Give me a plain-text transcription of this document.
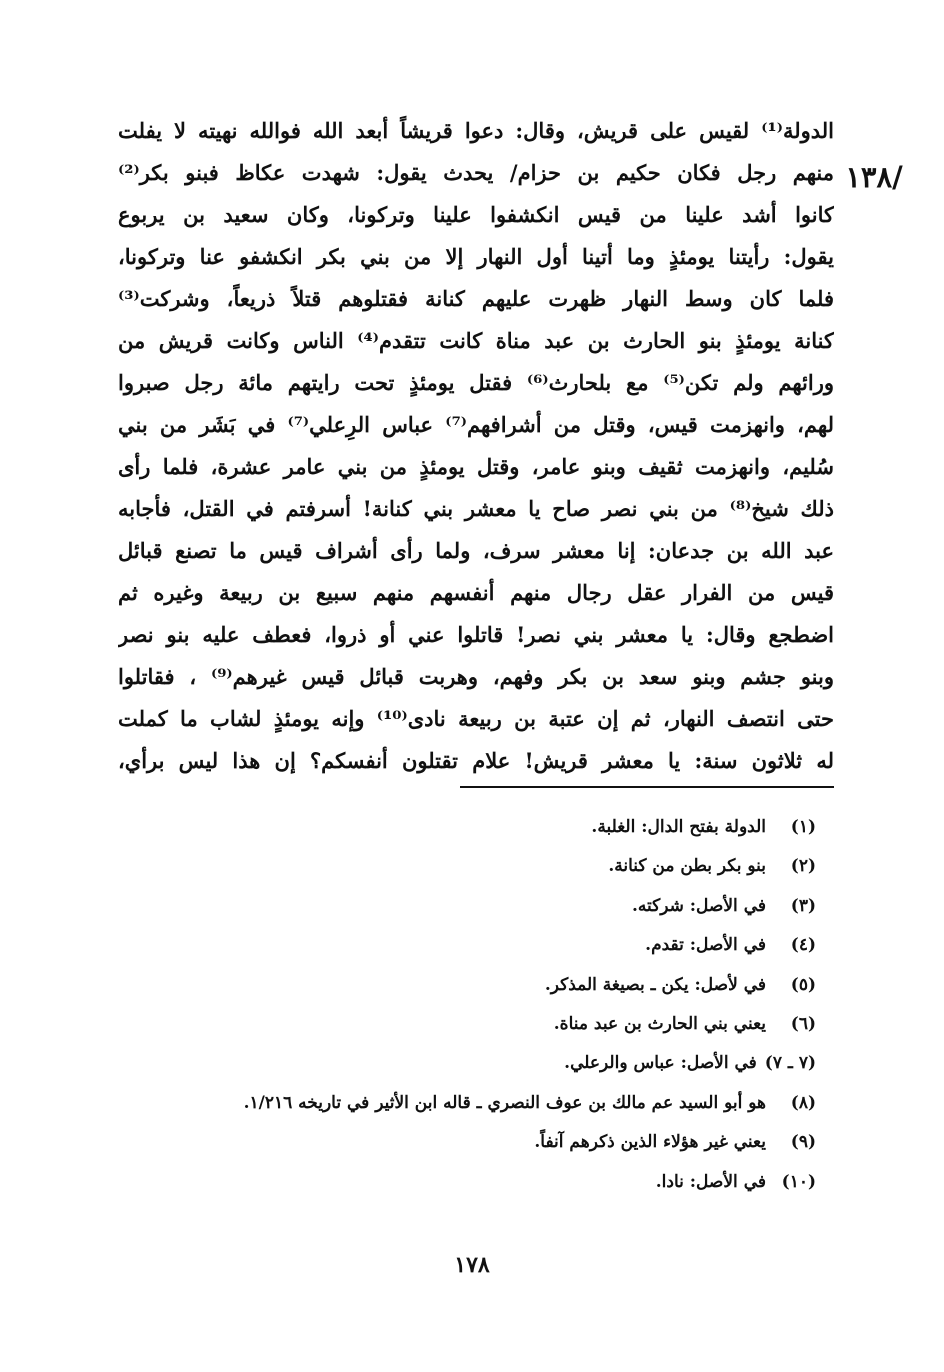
/١٣٨
الدولة⁽¹⁾ لقيس على قريش، وقال: دعوا قريشاً أبعد الله فوالله نهيته لا يفلت
منهم رجل فكان حكيم بن حزام/ يحدث يقول: شهدت عكاظ فبنو بكر⁽²⁾
كانوا أشد علينا من قيس انكشفوا علينا وتركونا، وكان سعيد بن يربوع
يقول: رأيتنا يومئذٍ وما أتينا أول النهار إلا من بني بكر انكشفو عنا وتركونا،
فلما كان وسط النهار ظهرت عليهم كنانة فقتلوهم قتلاً ذريعاً، وشركت⁽³⁾
كنانة يومئذٍ بنو الحارث بن عبد مناة كانت تتقدم⁽⁴⁾ الناس وكانت قريش من
ورائهم ولم تكن⁽⁵⁾ مع بلحارث⁽⁶⁾ فقتل يومئذٍ تحت رايتهم مائة رجل صبروا
لهم، وانهزمت قيس، وقتل من أشرافهم⁽⁷⁾ عباس الرِعلي⁽⁷⁾ في بَشَر من بني
سُليم، وانهزمت ثقيف وبنو عامر، وقتل يومئذٍ من بني عامر عشرة، فلما رأى
ذلك شيخ⁽⁸⁾ من بني نصر صاح يا معشر بني كنانة! أسرفتم في القتل، فأجابه
عبد الله بن جدعان: إنا معشر سرف، ولما رأى أشراف قيس ما تصنع قبائل
قيس من الفرار عقل رجال منهم أنفسهم منهم سبيع بن ربيعة وغيره ثم
اضطجع وقال: يا معشر بني نصر! قاتلوا عني أو ذروا، فعطف عليه بنو نصر
وبنو جشم وبنو سعد بن بكر وفهم، وهربت قبائل قيس غيرهم⁽⁹⁾ ، فقاتلوا
حتى انتصف النهار، ثم إن عتبة بن ربيعة نادى⁽¹⁰⁾ وإنه يومئذٍ لشاب ما كملت
له ثلاثون سنة: يا معشر قريش! علام تقتلون أنفسكم؟ إن هذا ليس برأي،
(١)الدولة بفتح الدال: الغلبة.
(٢)بنو بكر بطن من كنانة.
(٣)في الأصل: شركته.
(٤)في الأصل: تقدم.
(٥)في لأصل: يكن ـ بصيغة المذكر.
(٦)يعني بني الحارث بن عبد مناة.
(٧ ـ ٧)في الأصل: عباس والرعلي.
(٨)هو أبو السيد عم مالك بن عوف النصري ـ قاله ابن الأثير في تاريخه ١/٢١٦.
(٩)يعني غير هؤلاء الذين ذكرهم آنفاً.
(١٠)في الأصل: نادا.
١٧٨
